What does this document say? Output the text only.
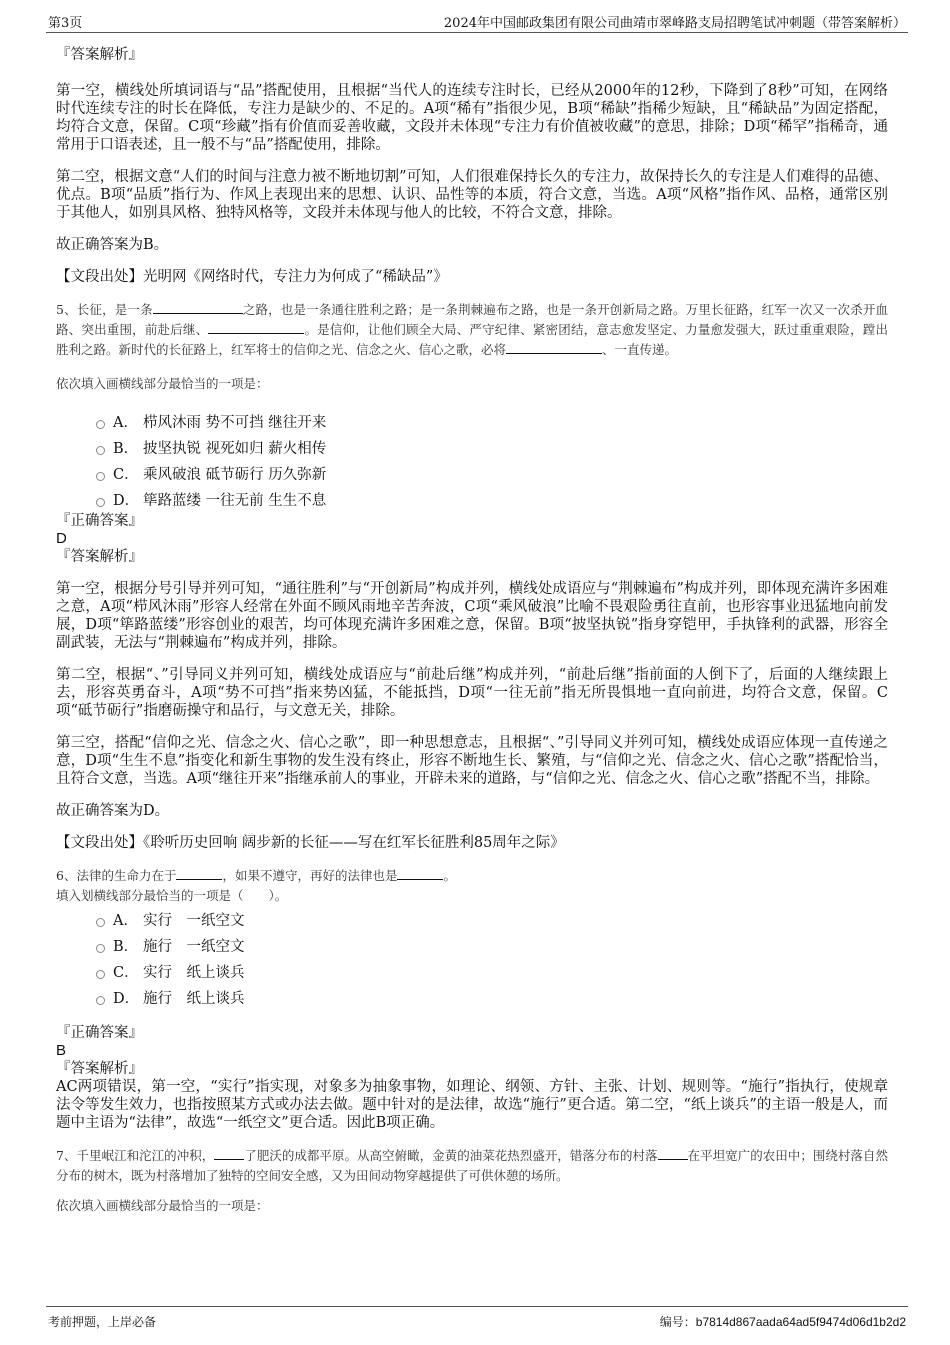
第3页	2024年中国邮政集团有限公司曲靖市翠峰路支局招聘笔试冲刺题（带答案解析）

『答案解析』

第一空，横线处所填词语与“品”搭配使用，且根据“当代人的连续专注时长，已经从2000年的12秒，下降到了8秒”可知，在网络时代连续专注的时长在降低，专注力是缺少的、不足的。A项“稀有”指很少见，B项“稀缺”指稀少短缺，且“稀缺品”为固定搭配，均符合文意，保留。C项“珍藏”指有价值而妥善收藏，文段并未体现“专注力有价值被收藏”的意思，排除；D项“稀罕”指稀奇，通常用于口语表述，且一般不与“品”搭配使用，排除。

第二空，根据文意“人们的时间与注意力被不断地切割”可知，人们很难保持长久的专注力，故保持长久的专注是人们难得的品德、优点。B项“品质”指行为、作风上表现出来的思想、认识、品性等的本质，符合文意，当选。A项“风格”指作风、品格，通常区别于其他人，如别具风格、独特风格等，文段并未体现与他人的比较，不符合文意，排除。

故正确答案为B。

【文段出处】光明网《网络时代，专注力为何成了“稀缺品”》

5、长征，是一条	之路，也是一条通往胜利之路；是一条荆棘遍布之路，也是一条开创新局之路。万里长征路，红军一次又一次杀开血路、突出重围，前赴后继、	。是信仰，让他们顾全大局、严守纪律、紧密团结，意志愈发坚定、力量愈发强大，跃过重重艰险，蹚出胜利之路。新时代的长征路上，红军将士的信仰之光、信念之火、信心之歌，必将	、一直传递。

依次填入画横线部分最恰当的一项是：

A． 栉风沐雨 势不可挡 继往开来
B． 披坚执锐 视死如归 薪火相传
C． 乘风破浪 砥节砺行 历久弥新
D． 筚路蓝缕 一往无前 生生不息

『正确答案』

D

『答案解析』

第一空，根据分号引导并列可知，“通往胜利”与“开创新局”构成并列，横线处成语应与“荆棘遍布”构成并列，即体现充满许多困难之意，A项“栉风沐雨”形容人经常在外面不顾风雨地辛苦奔波，C项“乘风破浪”比喻不畏艰险勇往直前，也形容事业迅猛地向前发展，D项“筚路蓝缕”形容创业的艰苦，均可体现充满许多困难之意，保留。B项“披坚执锐”指身穿铠甲，手执锋利的武器，形容全副武装，无法与“荆棘遍布”构成并列，排除。

第二空，根据“、”引导同义并列可知，横线处成语应与“前赴后继”构成并列，“前赴后继”指前面的人倒下了，后面的人继续跟上去，形容英勇奋斗，A项“势不可挡”指来势凶猛，不能抵挡，D项“一往无前”指无所畏惧地一直向前进，均符合文意，保留。C项“砥节砺行”指磨砺操守和品行，与文意无关，排除。

第三空，搭配“信仰之光、信念之火、信心之歌”，即一种思想意志，且根据“、”引导同义并列可知，横线处成语应体现一直传递之意，D项“生生不息”指变化和新生事物的发生没有终止，形容不断地生长、繁殖，与“信仰之光、信念之火、信心之歌”搭配恰当，且符合文意，当选。A项“继往开来”指继承前人的事业，开辟未来的道路，与“信仰之光、信念之火、信心之歌”搭配不当，排除。

故正确答案为D。

【文段出处】《聆听历史回响 阔步新的长征——写在红军长征胜利85周年之际》

6、法律的生命力在于	，如果不遵守，再好的法律也是	。

填入划横线部分最恰当的一项是（　　）。

A． 实行　一纸空文
B． 施行　一纸空文
C． 实行　纸上谈兵
D． 施行　纸上谈兵

『正确答案』

B

『答案解析』

AC两项错误，第一空，“实行”指实现，对象多为抽象事物，如理论、纲领、方针、主张、计划、规则等。“施行”指执行，使规章法令等发生效力，也指按照某方式或办法去做。题中针对的是法律，故选“施行”更合适。第二空，“纸上谈兵”的主语一般是人，而题中主语为“法律”，故选“一纸空文”更合适。因此B项正确。

7、千里岷江和沱江的冲积， 了肥沃的成都平原。从高空俯瞰，金黄的油菜花热烈盛开，错落分布的村落 在平坦宽广的农田中；围绕村落自然分布的树木，既为村落增加了独特的空间安全感，又为田间动物穿越提供了可供休憩的场所。

依次填入画横线部分最恰当的一项是：

考前押题，上岸必备	编号：b7814d867aada64ad5f9474d06d1b2d2
